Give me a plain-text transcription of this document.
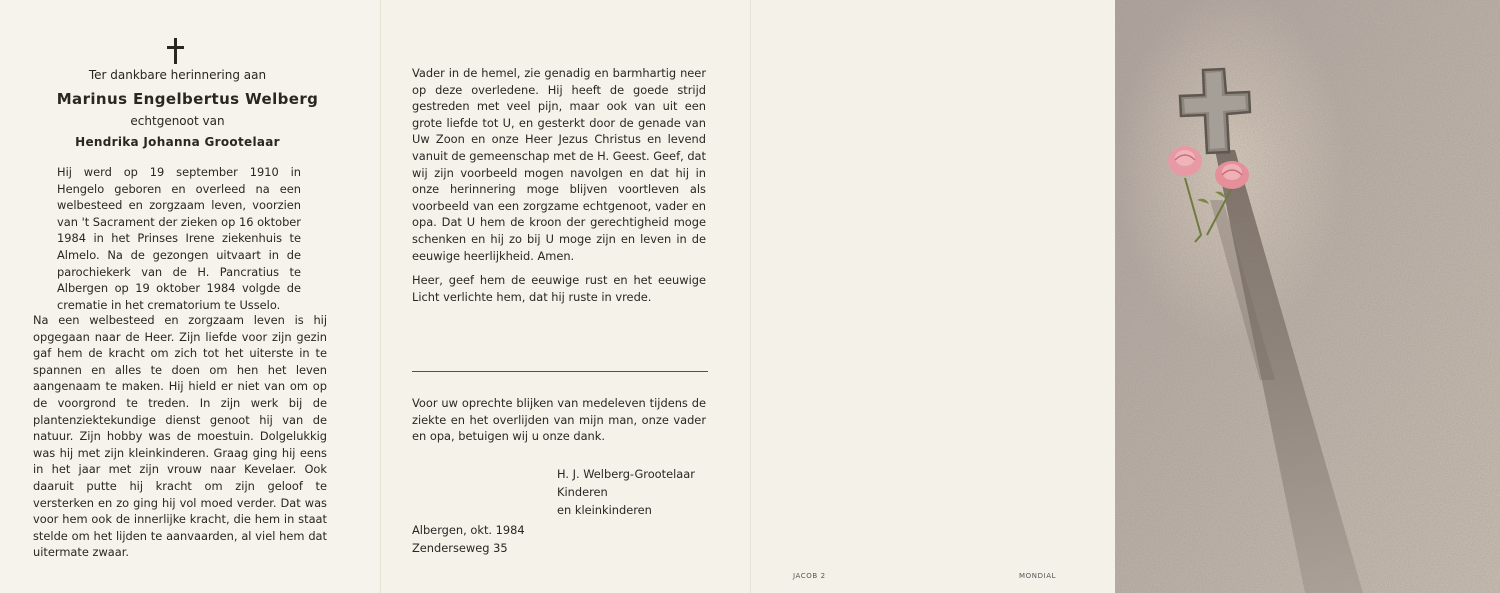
Ter dankbare herinnering aan
Marinus Engelbertus Welberg
echtgenoot van
Hendrika Johanna Grootelaar

Hij werd op 19 september 1910 in Hengelo geboren en overleed na een welbesteed en zorgzaam leven, voorzien van 't Sacrament der zieken op 16 oktober 1984 in het Prinses Irene ziekenhuis te Almelo. Na de gezongen uitvaart in de parochiekerk van de H. Pancratius te Albergen op 19 oktober 1984 volgde de crematie in het crematorium te Usselo.

Na een welbesteed en zorgzaam leven is hij opgegaan naar de Heer. Zijn liefde voor zijn gezin gaf hem de kracht om zich tot het uiterste in te spannen en alles te doen om hen het leven aangenaam te maken. Hij hield er niet van om op de voorgrond te treden. In zijn werk bij de plantenziektekundige dienst genoot hij van de natuur. Zijn hobby was de moestuin. Dolgelukkig was hij met zijn kleinkinderen. Graag ging hij eens in het jaar met zijn vrouw naar Kevelaer. Ook daaruit putte hij kracht om zijn geloof te versterken en zo ging hij vol moed verder. Dat was voor hem ook de innerlijke kracht, die hem in staat stelde om het lijden te aanvaarden, al viel hem dat uitermate zwaar.

Vader in de hemel, zie genadig en barmhartig neer op deze overledene. Hij heeft de goede strijd gestreden met veel pijn, maar ook van uit een grote liefde tot U, en gesterkt door de genade van Uw Zoon en onze Heer Jezus Christus en levend vanuit de gemeenschap met de H. Geest. Geef, dat wij zijn voorbeeld mogen navolgen en dat hij in onze herinnering moge blijven voortleven als voorbeeld van een zorgzame echtgenoot, vader en opa. Dat U hem de kroon der gerechtigheid moge schenken en hij zo bij U moge zijn en leven in de eeuwige heerlijkheid. Amen.

Heer, geef hem de eeuwige rust en het eeuwige Licht verlichte hem, dat hij ruste in vrede.

Voor uw oprechte blijken van medeleven tijdens de ziekte en het overlijden van mijn man, onze vader en opa, betuigen wij u onze dank.

H. J. Welberg-Grootelaar
Kinderen
en kleinkinderen
Albergen, okt. 1984
Zenderseweg 35
JACOB 2	MONDIAL
